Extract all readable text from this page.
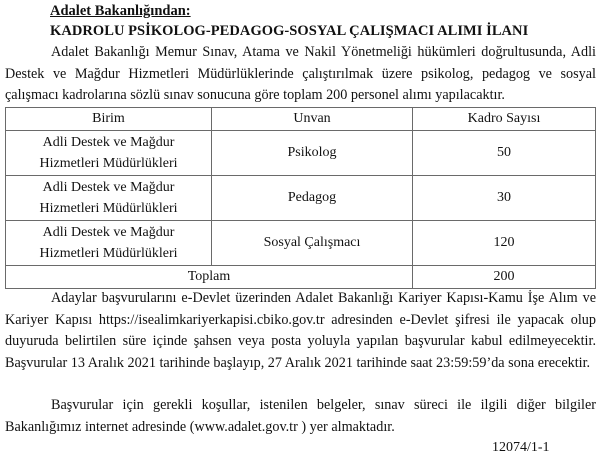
Adalet Bakanlığından:
KADROLU PSİKOLOG-PEDAGOG-SOSYAL ÇALIŞMACI ALIMI İLANI
Adalet Bakanlığı Memur Sınav, Atama ve Nakil Yönetmeliği hükümleri doğrultusunda, Adli Destek ve Mağdur Hizmetleri Müdürlüklerinde çalıştırılmak üzere psikolog, pedagog ve sosyal çalışmacı kadrolarına sözlü sınav sonucuna göre toplam 200 personel alımı yapılacaktır.
Birim	Unvan	Kadro Sayısı

Adli Destek ve Mağdur
Hizmetleri Müdürlükleri	Psikolog	50

Adli Destek ve Mağdur
Hizmetleri Müdürlükleri	Pedagog	30

Adli Destek ve Mağdur
Hizmetleri Müdürlükleri	Sosyal Çalışmacı	120
Toplam		200
Adaylar başvurularını e-Devlet üzerinden Adalet Bakanlığı Kariyer Kapısı-Kamu İşe Alım ve Kariyer Kapısı https://isealimkariyerkapisi.cbiko.gov.tr adresinden e-Devlet şifresi ile yapacak olup duyuruda belirtilen süre içinde şahsen veya posta yoluyla yapılan başvurular kabul edilmeyecektir. Başvurular 13 Aralık 2021 tarihinde başlayıp, 27 Aralık 2021 tarihinde saat 23:59:59’da sona erecektir.
Başvurular için gerekli koşullar, istenilen belgeler, sınav süreci ile ilgili diğer bilgiler Bakanlığımız internet adresinde (www.adalet.gov.tr ) yer almaktadır.
12074/1-1
